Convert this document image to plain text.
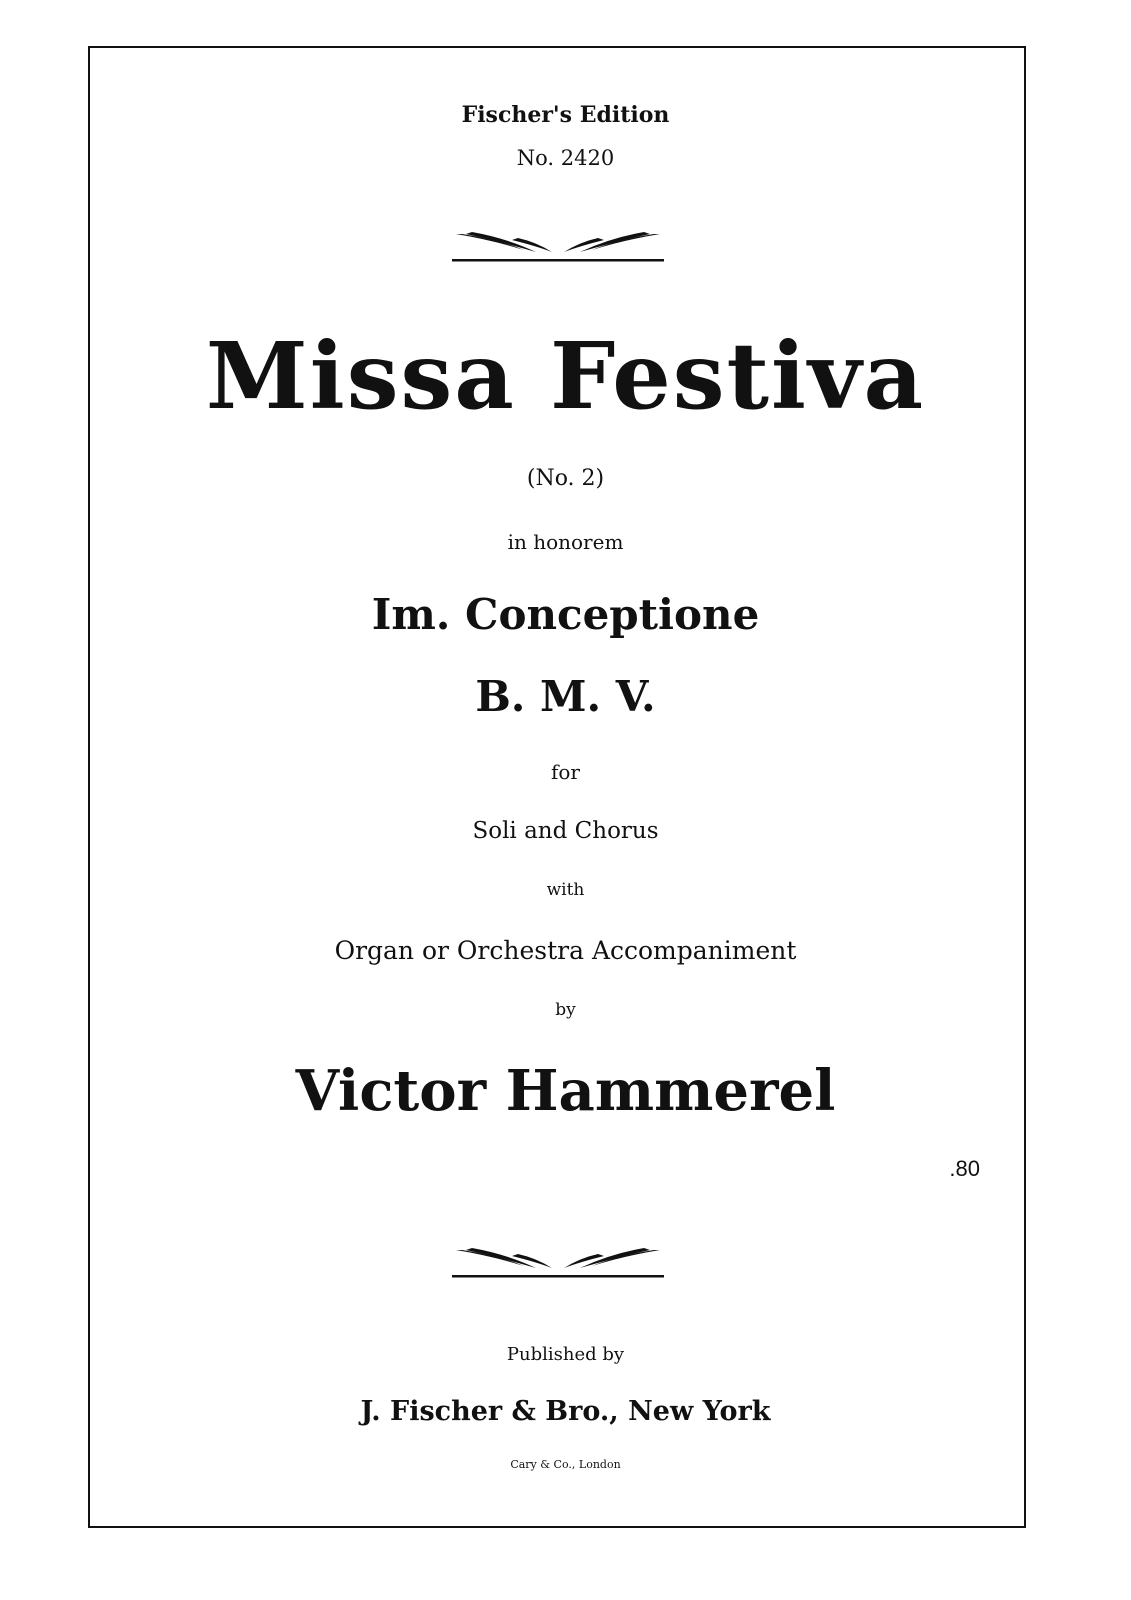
Fischer's Edition
No. 2420
Missa Festiva
(No. 2)
in honorem
Im. Conceptione
B. M. V.
for
Soli and Chorus
with
Organ or Orchestra Accompaniment
by
Victor Hammerel
.80
Published by
J. Fischer & Bro., New York
Cary & Co., London
